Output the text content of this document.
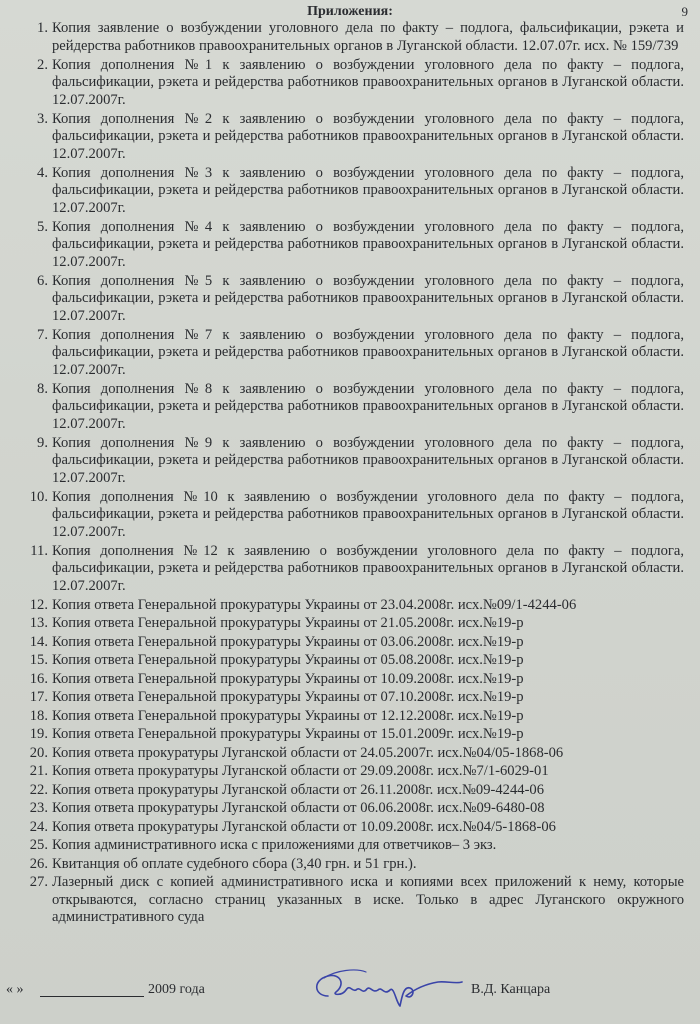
9
Приложения:
1. Копия заявление о возбуждении уголовного дела по факту – подлога, фальсификации, рэкета и рейдерства работников правоохранительных органов в Луганской области. 12.07.07г. исх. № 159/739
2. Копия дополнения №1 к заявлению о возбуждении уголовного дела по факту – подлога, фальсификации, рэкета и рейдерства работников правоохранительных органов в Луганской области. 12.07.2007г.
3. Копия дополнения №2 к заявлению о возбуждении уголовного дела по факту – подлога, фальсификации, рэкета и рейдерства работников правоохранительных органов в Луганской области. 12.07.2007г.
4. Копия дополнения №3 к заявлению о возбуждении уголовного дела по факту – подлога, фальсификации, рэкета и рейдерства работников правоохранительных органов в Луганской области. 12.07.2007г.
5. Копия дополнения №4 к заявлению о возбуждении уголовного дела по факту – подлога, фальсификации, рэкета и рейдерства работников правоохранительных органов в Луганской области. 12.07.2007г.
6. Копия дополнения №5 к заявлению о возбуждении уголовного дела по факту – подлога, фальсификации, рэкета и рейдерства работников правоохранительных органов в Луганской области. 12.07.2007г.
7. Копия дополнения №7 к заявлению о возбуждении уголовного дела по факту – подлога, фальсификации, рэкета и рейдерства работников правоохранительных органов в Луганской области. 12.07.2007г.
8. Копия дополнения №8 к заявлению о возбуждении уголовного дела по факту – подлога, фальсификации, рэкета и рейдерства работников правоохранительных органов в Луганской области. 12.07.2007г.
9. Копия дополнения №9 к заявлению о возбуждении уголовного дела по факту – подлога, фальсификации, рэкета и рейдерства работников правоохранительных органов в Луганской области. 12.07.2007г.
10. Копия дополнения №10 к заявлению о возбуждении уголовного дела по факту – подлога, фальсификации, рэкета и рейдерства работников правоохранительных органов в Луганской области. 12.07.2007г.
11. Копия дополнения №12 к заявлению о возбуждении уголовного дела по факту – подлога, фальсификации, рэкета и рейдерства работников правоохранительных органов в Луганской области. 12.07.2007г.
12. Копия ответа Генеральной прокуратуры Украины от 23.04.2008г. исх.№09/1-4244-06
13. Копия ответа Генеральной прокуратуры Украины от 21.05.2008г. исх.№19-р
14. Копия ответа Генеральной прокуратуры Украины от 03.06.2008г. исх.№19-р
15. Копия ответа Генеральной прокуратуры Украины от 05.08.2008г. исх.№19-р
16. Копия ответа Генеральной прокуратуры Украины от 10.09.2008г. исх.№19-р
17. Копия ответа Генеральной прокуратуры Украины от 07.10.2008г. исх.№19-р
18. Копия ответа Генеральной прокуратуры Украины от 12.12.2008г. исх.№19-р
19. Копия ответа Генеральной прокуратуры Украины от 15.01.2009г. исх.№19-р
20. Копия ответа прокуратуры Луганской области от 24.05.2007г. исх.№04/05-1868-06
21. Копия ответа прокуратуры Луганской области от 29.09.2008г. исх.№7/1-6029-01
22. Копия ответа прокуратуры Луганской области от 26.11.2008г. исх.№09-4244-06
23. Копия ответа прокуратуры Луганской области от 06.06.2008г. исх.№09-6480-08
24. Копия ответа прокуратуры Луганской области от 10.09.2008г. исх.№04/5-1868-06
25. Копия административного иска с приложениями для ответчиков– 3 экз.
26. Квитанция об оплате судебного сбора (3,40 грн. и 51 грн.).
27. Лазерный диск с копией административного иска и копиями всех приложений к нему, которые открываются, согласно страниц указанных в иске. Только в адрес Луганского окружного административного суда
« »	2009 года	В.Д. Канцара
